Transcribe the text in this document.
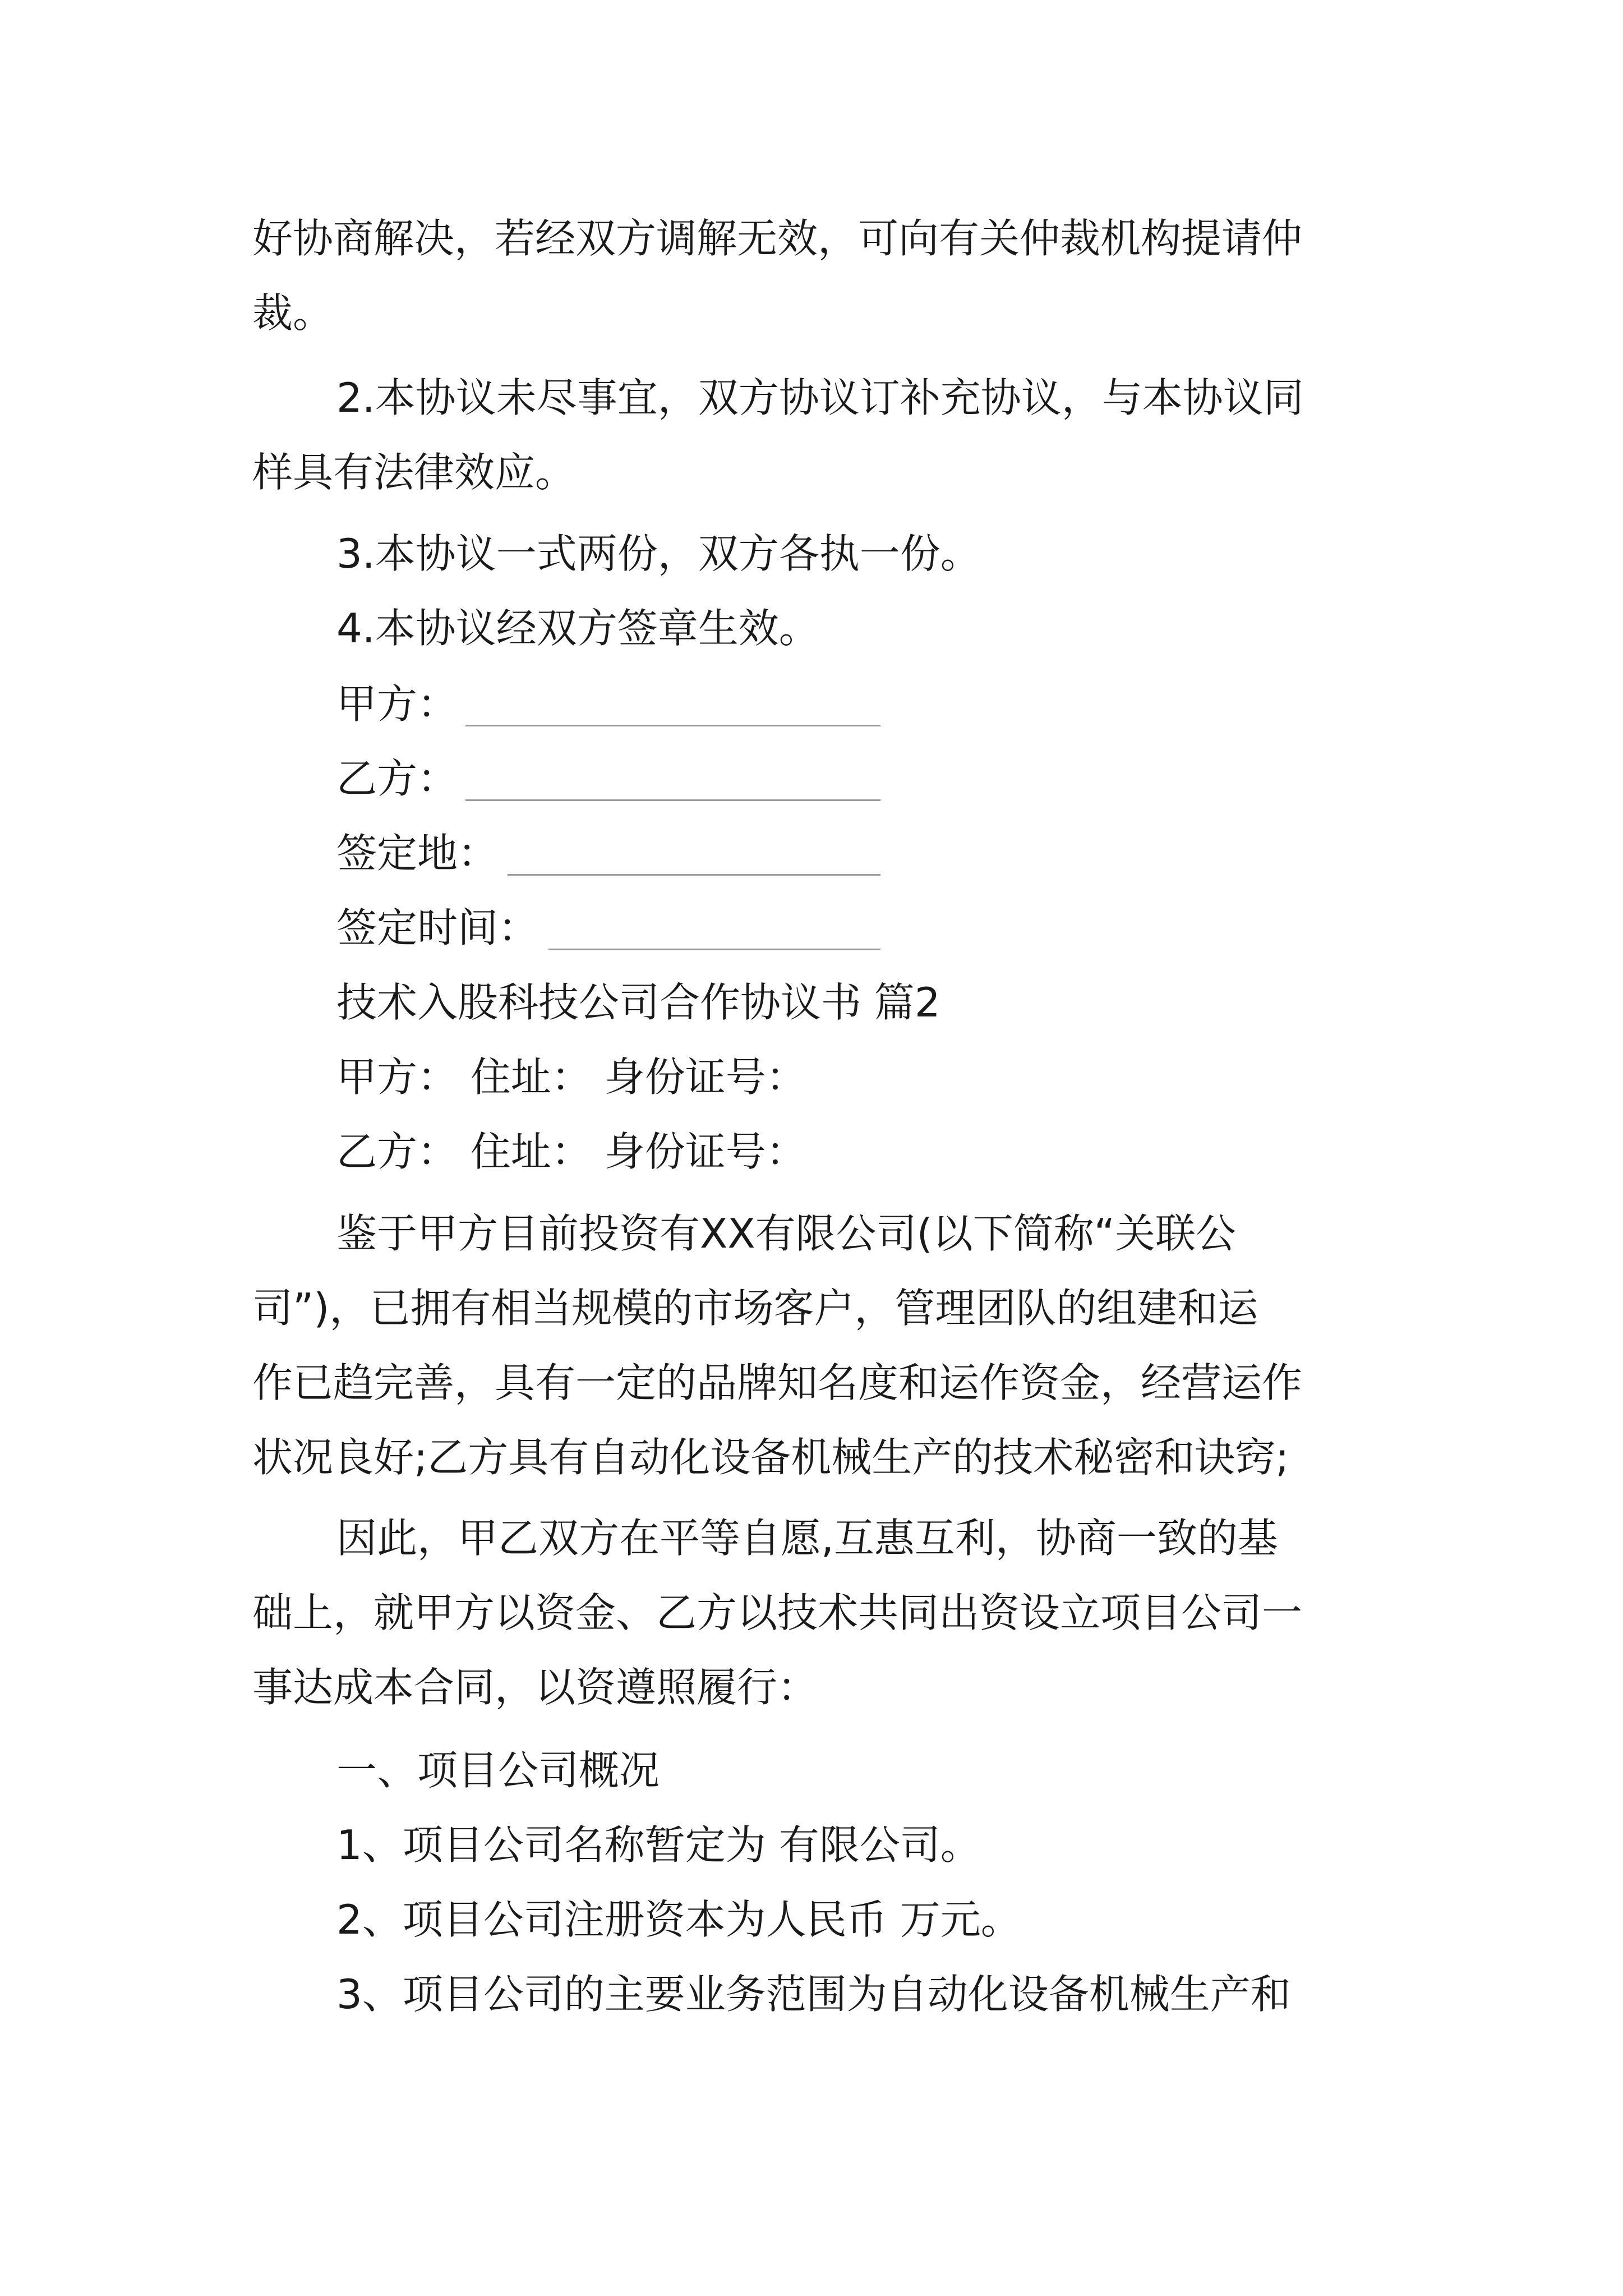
好协商解决，若经双方调解无效，可向有关仲裁机构提请仲
裁。
2.本协议未尽事宜，双方协议订补充协议，与本协议同
样具有法律效应。
3.本协议一式两份，双方各执一份。
4.本协议经双方签章生效。
甲方：
乙方：
签定地：
签定时间：
技术入股科技公司合作协议书 篇2
甲方： 住址： 身份证号：
乙方： 住址： 身份证号：
鉴于甲方目前投资有XX有限公司(以下简称“关联公
司”)，已拥有相当规模的市场客户，管理团队的组建和运
作已趋完善，具有一定的品牌知名度和运作资金，经营运作
状况良好;乙方具有自动化设备机械生产的技术秘密和诀窍;
因此，甲乙双方在平等自愿,互惠互利，协商一致的基
础上，就甲方以资金、乙方以技术共同出资设立项目公司一
事达成本合同，以资遵照履行：
一、项目公司概况
1、项目公司名称暂定为 有限公司。
2、项目公司注册资本为人民币 万元。
3、项目公司的主要业务范围为自动化设备机械生产和
